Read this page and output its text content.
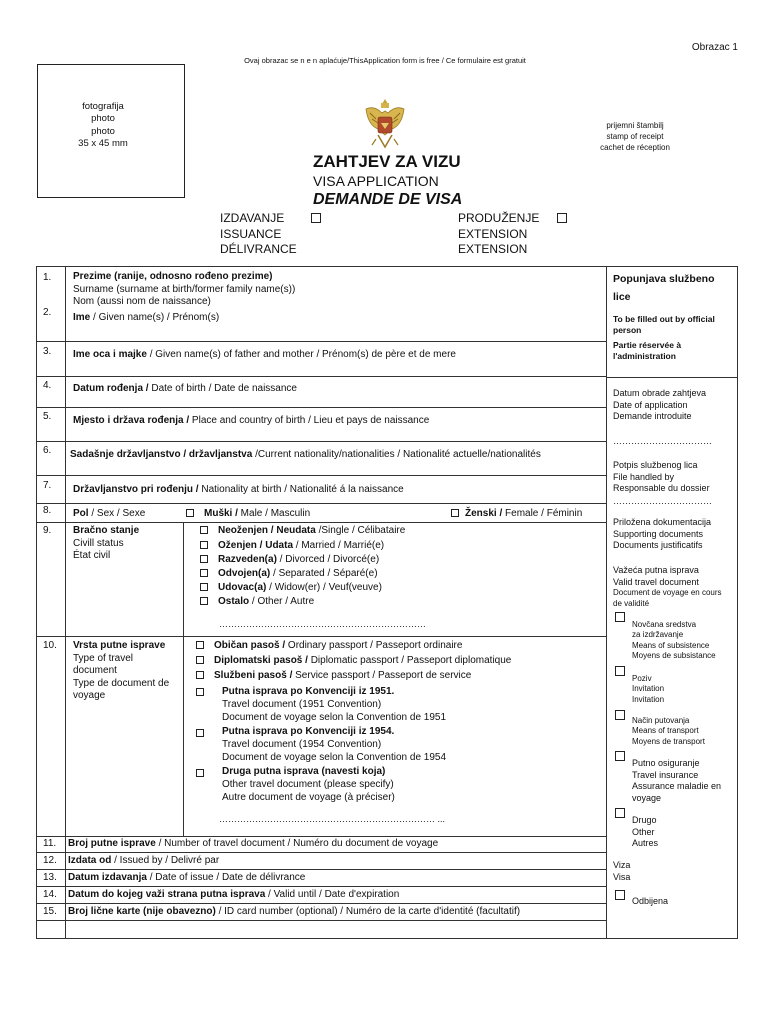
Obrazac 1
Ovaj obrazac se n e n aplaćuje/ThisApplication form is free / Ce formulaire est gratuit
fotografija
photo
photo
35 x 45 mm
prijemni štambilj
stamp of receipt
cachet de réception
ZAHTJEV ZA VIZU
VISA APPLICATION
DEMANDE DE VISA
IZDAVANJE
ISSUANCE
DÉLIVRANCE
PRODUŽENJE
EXTENSION
EXTENSION
1. Prezime (ranije, odnosno rođeno prezime)
Surname (surname at birth/former family name(s))
Nom (aussi nom de naissance)
2. Ime / Given name(s) / Prénom(s)
3. Ime oca i majke / Given name(s) of father and mother / Prénom(s) de père et de mere
4. Datum rođenja / Date of birth / Date de naissance
5. Mjesto i država rođenja / Place and country of birth / Lieu et pays de naissance
6. Sadašnje državljanstvo / državljanstva /Current nationality/nationalities / Nationalité actuelle/nationalités
7. Državljanstvo pri rođenju / Nationality at birth / Nationalité á la naissance
8. Pol / Sex / Sexe	Muški / Male / Masculin	Ženski / Female / Féminin
9. Bračno stanje
Civill status
État civil
Neoženjen / Neudata /Single / Célibataire
Oženjen / Udata / Married / Marrié(e)
Razveden(a) / Divorced / Divorcé(e)
Odvojen(a) / Separated / Séparé(e)
Udovac(a) / Widow(er) / Veuf(veuve)
Ostalo / Other / Autre
……………………………………………………………
10. Vrsta putne isprave
Type of travel
document
Type de document de
voyage
Običan pasoš / Ordinary passport / Passeport ordinaire
Diplomatski pasoš / Diplomatic passport / Passeport diplomatique
Službeni pasoš / Service passport / Passeport de service
Putna isprava po Konvenciji iz 1951.
Travel document (1951 Convention)
Document de voyage selon la Convention de 1951
Putna isprava po Konvenciji iz 1954.
Travel document (1954 Convention)
Document de voyage selon la Convention de 1954
Druga putna isprava (navesti koja)
Other travel document (please specify)
Autre document de voyage (à préciser)
……………………………………………………………… ...
11. Broj putne isprave / Number of travel document / Numéro du document de voyage
12. Izdata od / Issued by / Delivré par
13. Datum izdavanja / Date of issue / Date de délivrance
14. Datum do kojeg važi strana putna isprava / Valid until / Date d'expiration
15. Broj lične karte (nije obavezno) / ID card number (optional) / Numéro de la carte d'identité (facultatif)
Popunjava službeno lice
To be filled out by official person
Partie réservée à l'administration
Datum obrade zahtjeva
Date of application
Demande introduite
……………………………
Potpis službenog lica
File handled by
Responsable du dossier
……………………………
Priložena dokumentacija
Supporting documents
Documents justificatifs
Važeća putna isprava
Valid travel document
Document de voyage en cours de validité
Novčana sredstva
za izdržavanje
Means of subsistence
Moyens de subsistance
Poziv
Invitation
Invitation
Način putovanja
Means of transport
Moyens de transport
Putno osiguranje
Travel insurance
Assurance maladie en
voyage
Drugo
Other
Autres
Viza
Visa
Odbijena
